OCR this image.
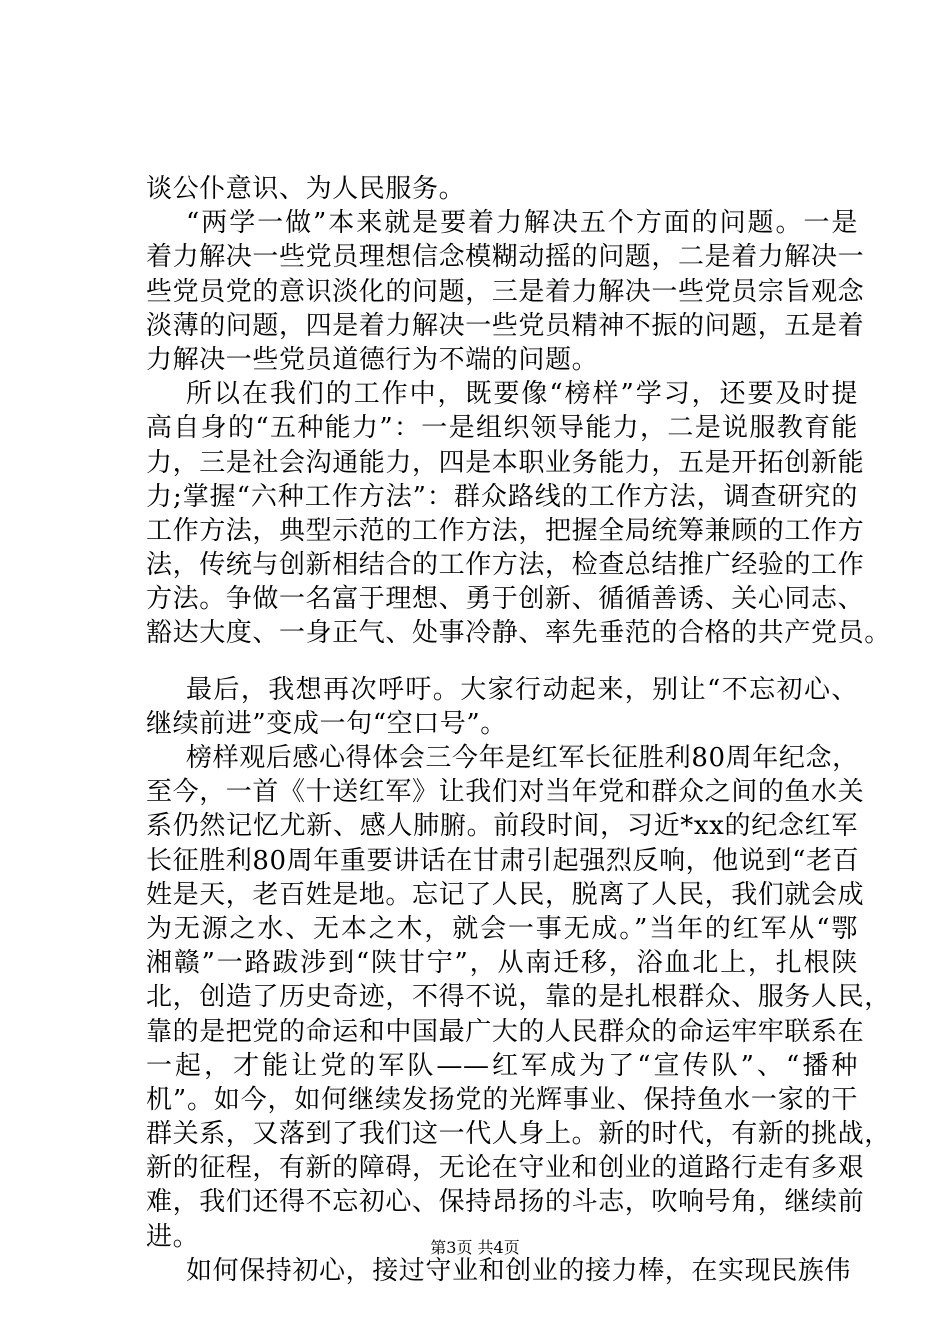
谈公仆意识、为人民服务。
“两学一做”本来就是要着力解决五个方面的问题。一是
着力解决一些党员理想信念模糊动摇的问题，二是着力解决一
些党员党的意识淡化的问题，三是着力解决一些党员宗旨观念
淡薄的问题，四是着力解决一些党员精神不振的问题，五是着
力解决一些党员道德行为不端的问题。
所以在我们的工作中，既要像“榜样”学习，还要及时提
高自身的“五种能力”：一是组织领导能力，二是说服教育能
力，三是社会沟通能力，四是本职业务能力，五是开拓创新能
力;掌握“六种工作方法”：群众路线的工作方法，调查研究的
工作方法，典型示范的工作方法，把握全局统筹兼顾的工作方
法，传统与创新相结合的工作方法，检查总结推广经验的工作
方法。争做一名富于理想、勇于创新、循循善诱、关心同志、
豁达大度、一身正气、处事冷静、率先垂范的合格的共产党员。
最后，我想再次呼吁。大家行动起来，别让“不忘初心、
继续前进”变成一句“空口号”。
榜样观后感心得体会三今年是红军长征胜利80周年纪念，
至今，一首《十送红军》让我们对当年党和群众之间的鱼水关
系仍然记忆尤新、感人肺腑。前段时间，习近*xx的纪念红军
长征胜利80周年重要讲话在甘肃引起强烈反响，他说到“老百
姓是天，老百姓是地。忘记了人民，脱离了人民，我们就会成
为无源之水、无本之木，就会一事无成。”当年的红军从“鄂
湘赣”一路跋涉到“陕甘宁”，从南迁移，浴血北上，扎根陕
北，创造了历史奇迹，不得不说，靠的是扎根群众、服务人民，
靠的是把党的命运和中国最广大的人民群众的命运牢牢联系在
一起，才能让党的军队——红军成为了“宣传队”、“播种
机”。如今，如何继续发扬党的光辉事业、保持鱼水一家的干
群关系，又落到了我们这一代人身上。新的时代，有新的挑战，
新的征程，有新的障碍，无论在守业和创业的道路行走有多艰
难，我们还得不忘初心、保持昂扬的斗志，吹响号角，继续前
进。
如何保持初心，接过守业和创业的接力棒，在实现民族伟
第3页 共4页
